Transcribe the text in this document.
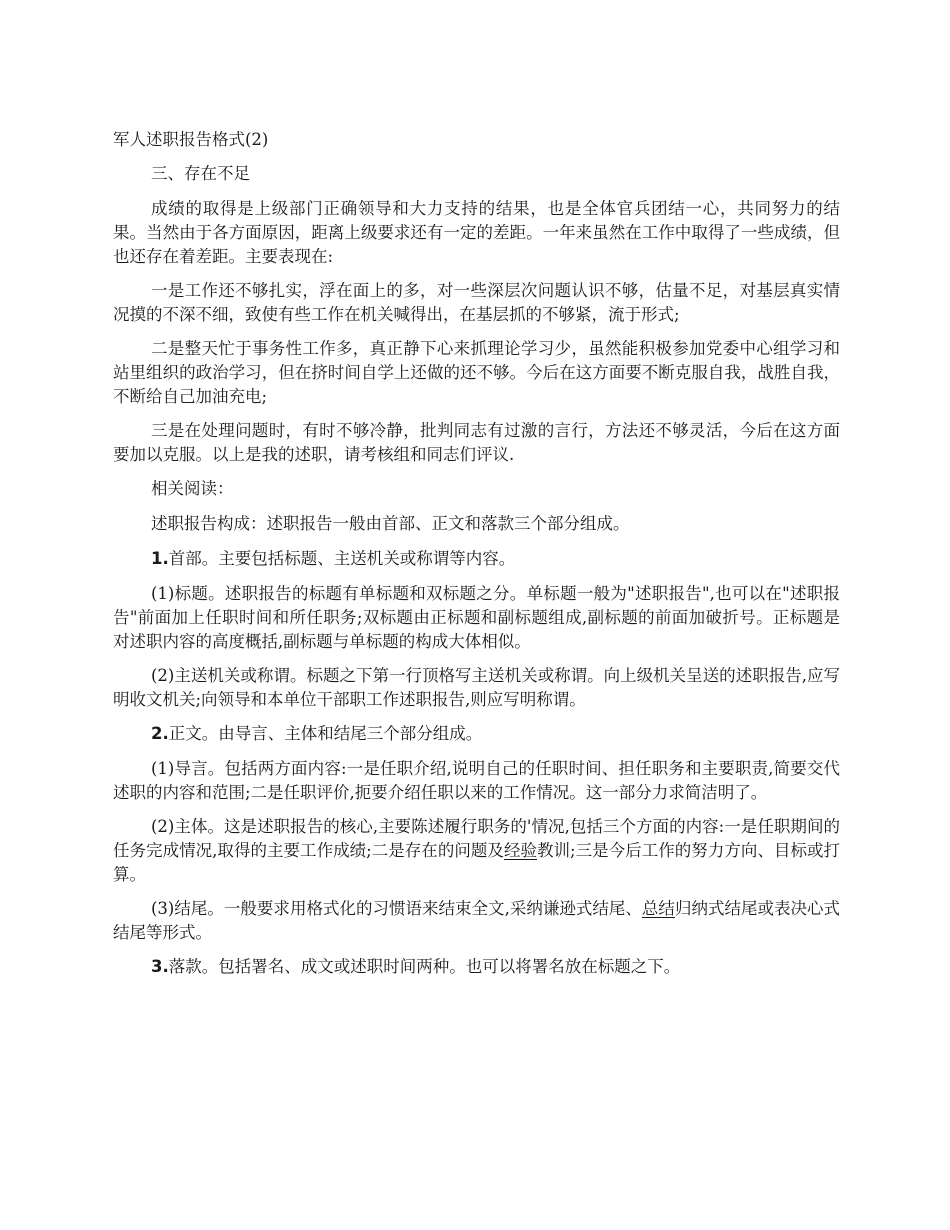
军人述职报告格式(2)

三、存在不足

成绩的取得是上级部门正确领导和大力支持的结果，也是全体官兵团结一心，共同努力的结果。当然由于各方面原因，距离上级要求还有一定的差距。一年来虽然在工作中取得了一些成绩，但也还存在着差距。主要表现在:

一是工作还不够扎实，浮在面上的多，对一些深层次问题认识不够，估量不足，对基层真实情况摸的不深不细，致使有些工作在机关喊得出，在基层抓的不够紧，流于形式;

二是整天忙于事务性工作多，真正静下心来抓理论学习少，虽然能积极参加党委中心组学习和站里组织的政治学习，但在挤时间自学上还做的还不够。今后在这方面要不断克服自我，战胜自我，不断给自己加油充电;

三是在处理问题时，有时不够冷静，批判同志有过激的言行，方法还不够灵活，今后在这方面要加以克服。以上是我的述职，请考核组和同志们评议.

相关阅读：

述职报告构成：述职报告一般由首部、正文和落款三个部分组成。

1.首部。主要包括标题、主送机关或称谓等内容。

(1)标题。述职报告的标题有单标题和双标题之分。单标题一般为"述职报告",也可以在"述职报告"前面加上任职时间和所任职务;双标题由正标题和副标题组成,副标题的前面加破折号。正标题是对述职内容的高度概括,副标题与单标题的构成大体相似。

(2)主送机关或称谓。标题之下第一行顶格写主送机关或称谓。向上级机关呈送的述职报告,应写明收文机关;向领导和本单位干部职工作述职报告,则应写明称谓。

2.正文。由导言、主体和结尾三个部分组成。

(1)导言。包括两方面内容:一是任职介绍,说明自己的任职时间、担任职务和主要职责,简要交代述职的内容和范围;二是任职评价,扼要介绍任职以来的工作情况。这一部分力求简洁明了。

(2)主体。这是述职报告的核心,主要陈述履行职务的'情况,包括三个方面的内容:一是任职期间的任务完成情况,取得的主要工作成绩;二是存在的问题及经验教训;三是今后工作的努力方向、目标或打算。

(3)结尾。一般要求用格式化的习惯语来结束全文,采纳谦逊式结尾、总结归纳式结尾或表决心式结尾等形式。

3.落款。包括署名、成文或述职时间两种。也可以将署名放在标题之下。
